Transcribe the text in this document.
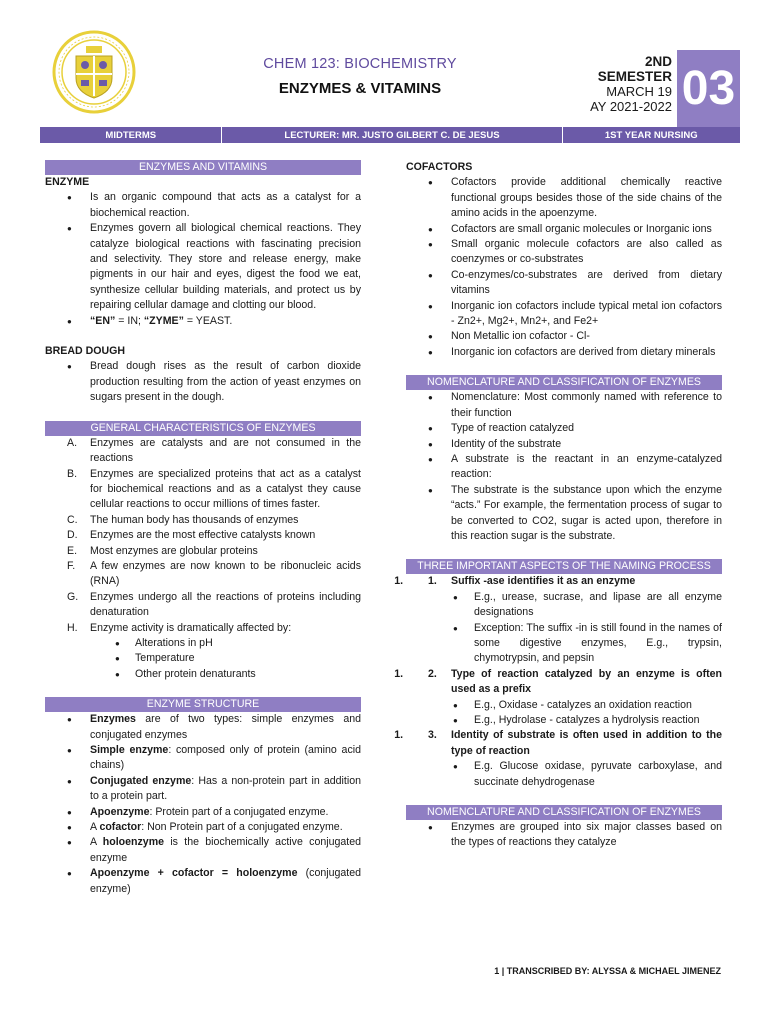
CHEM 123: BIOCHEMISTRY
ENZYMES & VITAMINS
2ND
SEMESTER
MARCH 19
AY 2021-2022 03
MIDTERMS	LECTURER: MR. JUSTO GILBERT C. DE JESUS	1ST YEAR NURSING
ENZYMES AND VITAMINS
ENZYME
● Is an organic compound that acts as a catalyst for a biochemical reaction.
● Enzymes govern all biological chemical reactions. They catalyze biological reactions with fascinating precision and selectivity. They store and release energy, make pigments in our hair and eyes, digest the food we eat, synthesize cellular building materials, and protect us by repairing cellular damage and clotting our blood.
● “EN” = IN; “ZYME” = YEAST.
BREAD DOUGH
● Bread dough rises as the result of carbon dioxide production resulting from the action of yeast enzymes on sugars present in the dough.
GENERAL CHARACTERISTICS OF ENZYMES
A. Enzymes are catalysts and are not consumed in the reactions
B. Enzymes are specialized proteins that act as a catalyst for biochemical reactions and as a catalyst they cause cellular reactions to occur millions of times faster.
C. The human body has thousands of enzymes
D. Enzymes are the most effective catalysts known
E. Most enzymes are globular proteins
F. A few enzymes are now known to be ribonucleic acids (RNA)
G. Enzymes undergo all the reactions of proteins including denaturation
H. Enzyme activity is dramatically affected by:
● Alterations in pH
● Temperature
● Other protein denaturants
ENZYME STRUCTURE
● Enzymes are of two types: simple enzymes and conjugated enzymes
● Simple enzyme: composed only of protein (amino acid chains)
● Conjugated enzyme: Has a non-protein part in addition to a protein part.
● Apoenzyme: Protein part of a conjugated enzyme.
● A cofactor: Non Protein part of a conjugated enzyme.
● A holoenzyme is the biochemically active conjugated enzyme
● Apoenzyme + cofactor = holoenzyme (conjugated enzyme)
COFACTORS
● Cofactors provide additional chemically reactive functional groups besides those of the side chains of the amino acids in the apoenzyme.
● Cofactors are small organic molecules or Inorganic ions
● Small organic molecule cofactors are also called as coenzymes or co-substrates
● Co-enzymes/co-substrates are derived from dietary vitamins
● Inorganic ion cofactors include typical metal ion cofactors - Zn2+, Mg2+, Mn2+, and Fe2+
● Non Metallic ion cofactor - Cl-
● Inorganic ion cofactors are derived from dietary minerals
NOMENCLATURE AND CLASSIFICATION OF ENZYMES
● Nomenclature: Most commonly named with reference to their function
● Type of reaction catalyzed
● Identity of the substrate
● A substrate is the reactant in an enzyme-catalyzed reaction:
● The substrate is the substance upon which the enzyme “acts.” For example, the fermentation process of sugar to be converted to CO2, sugar is acted upon, therefore in this reaction sugar is the substrate.
THREE IMPORTANT ASPECTS OF THE NAMING PROCESS
1. 1. Suffix -ase identifies it as an enzyme
● E.g., urease, sucrase, and lipase are all enzyme designations
● Exception: The suffix -in is still found in the names of some digestive enzymes, E.g., trypsin, chymotrypsin, and pepsin
1. 2. Type of reaction catalyzed by an enzyme is often used as a prefix
● E.g., Oxidase - catalyzes an oxidation reaction
● E.g., Hydrolase - catalyzes a hydrolysis reaction
1. 3. Identity of substrate is often used in addition to the type of reaction
● E.g. Glucose oxidase, pyruvate carboxylase, and succinate dehydrogenase
NOMENCLATURE AND CLASSIFICATION OF ENZYMES
● Enzymes are grouped into six major classes based on the types of reactions they catalyze
1 | TRANSCRIBED BY: ALYSSA & MICHAEL JIMENEZ
